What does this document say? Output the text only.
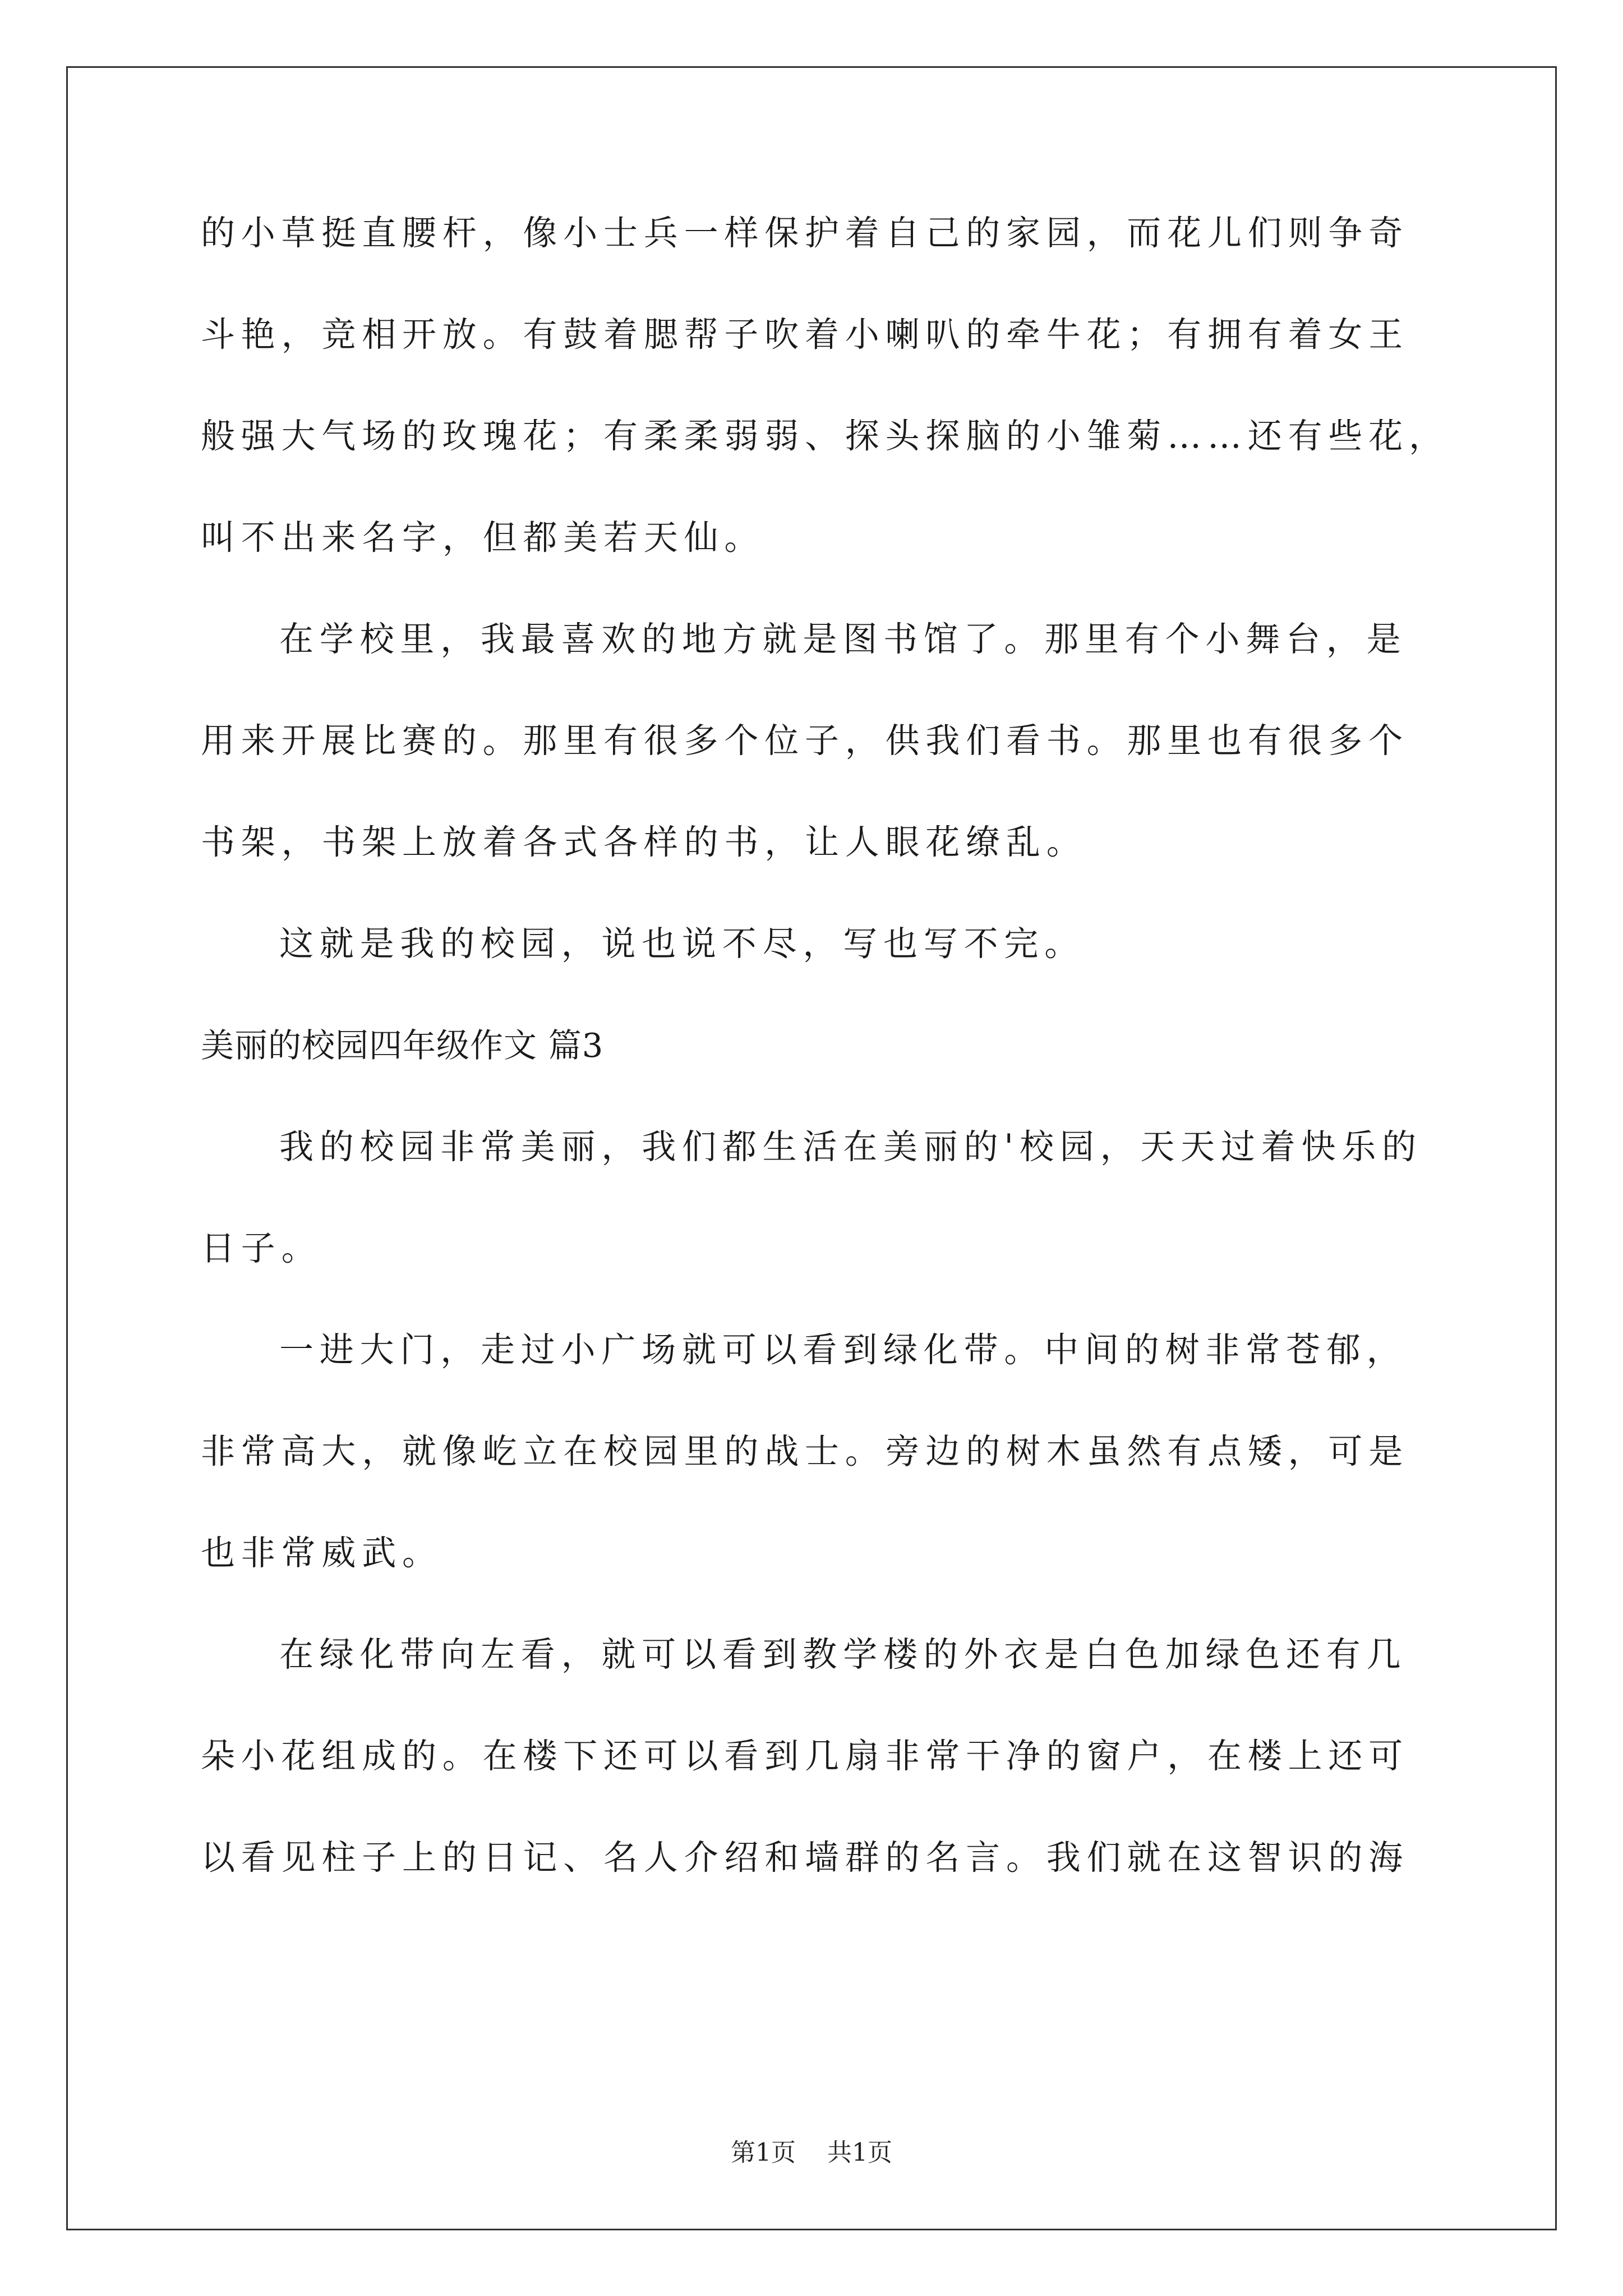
的小草挺直腰杆，像小士兵一样保护着自己的家园，而花儿们则争奇
斗艳，竞相开放。有鼓着腮帮子吹着小喇叭的牵牛花；有拥有着女王
般强大气场的玫瑰花；有柔柔弱弱、探头探脑的小雏菊……还有些花，
叫不出来名字，但都美若天仙。
在学校里，我最喜欢的地方就是图书馆了。那里有个小舞台，是
用来开展比赛的。那里有很多个位子，供我们看书。那里也有很多个
书架，书架上放着各式各样的书，让人眼花缭乱。
这就是我的校园，说也说不尽，写也写不完。
美丽的校园四年级作文 篇3
我的校园非常美丽，我们都生活在美丽的'校园，天天过着快乐的
日子。
一进大门，走过小广场就可以看到绿化带。中间的树非常苍郁，
非常高大，就像屹立在校园里的战士。旁边的树木虽然有点矮，可是
也非常威武。
在绿化带向左看，就可以看到教学楼的外衣是白色加绿色还有几
朵小花组成的。在楼下还可以看到几扇非常干净的窗户，在楼上还可
以看见柱子上的日记、名人介绍和墙群的名言。我们就在这智识的海
第1页 共1页
